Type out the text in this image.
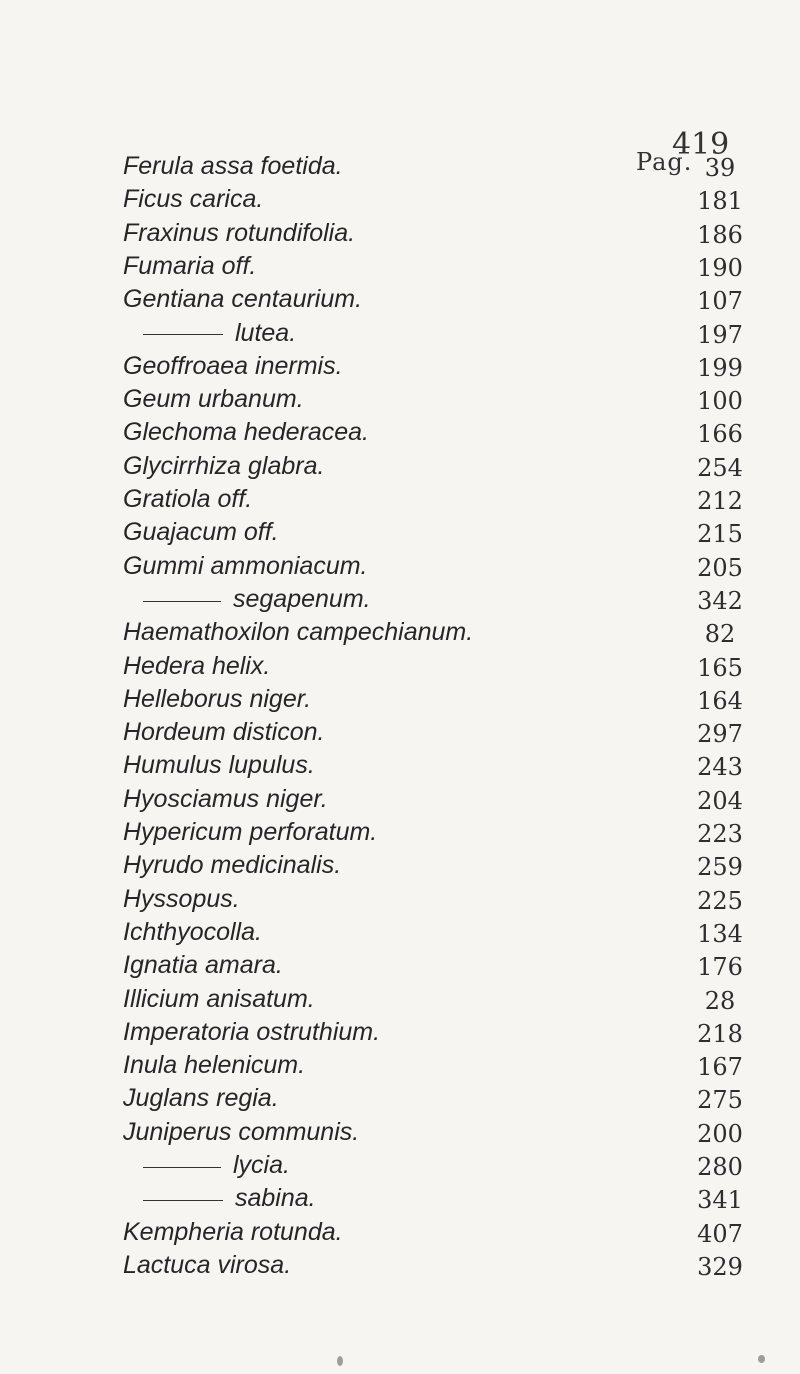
419
Pag.
Ferula assa foetida.	39
Ficus carica.	181
Fraxinus rotundifolia.	186
Fumaria off.	190
Gentiana centaurium.	107
lutea.	197
Geoffroaea inermis.	199
Geum urbanum.	100
Glechoma hederacea.	166
Glycirrhiza glabra.	254
Gratiola off.	212
Guajacum off.	215
Gummi ammoniacum.	205
segapenum.	342
Haemathoxilon campechianum.	82
Hedera helix.	165
Helleborus niger.	164
Hordeum disticon.	297
Humulus lupulus.	243
Hyosciamus niger.	204
Hypericum perforatum.	223
Hyrudo medicinalis.	259
Hyssopus.	225
Ichthyocolla.	134
Ignatia amara.	176
Illicium anisatum.	28
Imperatoria ostruthium.	218
Inula helenicum.	167
Juglans regia.	275
Juniperus communis.	200
lycia.	280
sabina.	341
Kempheria rotunda.	407
Lactuca virosa.	329
